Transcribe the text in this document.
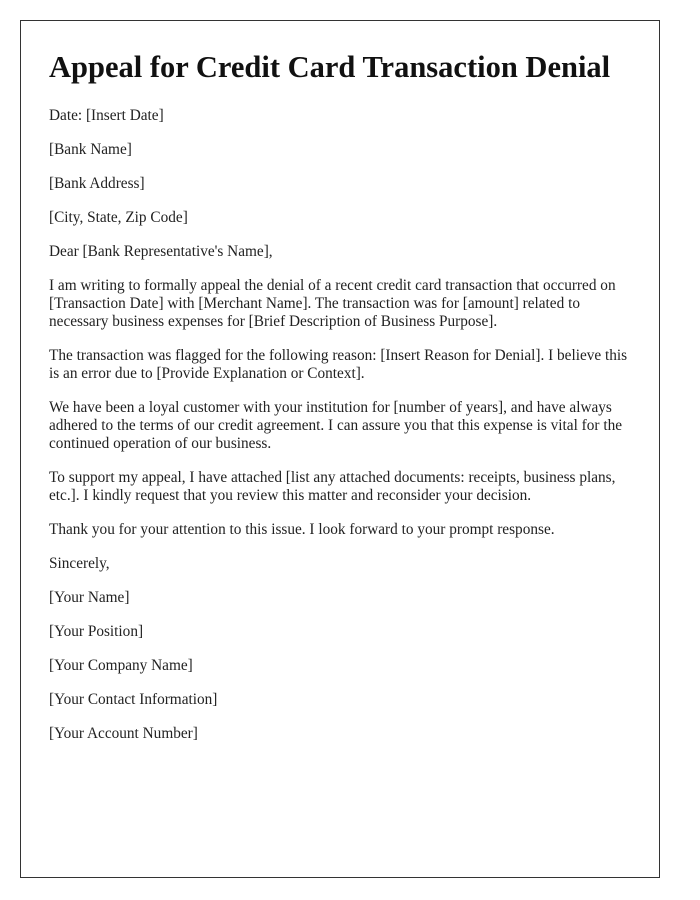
Appeal for Credit Card Transaction Denial

Date: [Insert Date]

[Bank Name]

[Bank Address]

[City, State, Zip Code]

Dear [Bank Representative's Name],

I am writing to formally appeal the denial of a recent credit card transaction that occurred on [Transaction Date] with [Merchant Name]. The transaction was for [amount] related to necessary business expenses for [Brief Description of Business Purpose].

The transaction was flagged for the following reason: [Insert Reason for Denial]. I believe this is an error due to [Provide Explanation or Context].

We have been a loyal customer with your institution for [number of years], and have always adhered to the terms of our credit agreement. I can assure you that this expense is vital for the continued operation of our business.

To support my appeal, I have attached [list any attached documents: receipts, business plans, etc.]. I kindly request that you review this matter and reconsider your decision.

Thank you for your attention to this issue. I look forward to your prompt response.

Sincerely,

[Your Name]

[Your Position]

[Your Company Name]

[Your Contact Information]

[Your Account Number]
